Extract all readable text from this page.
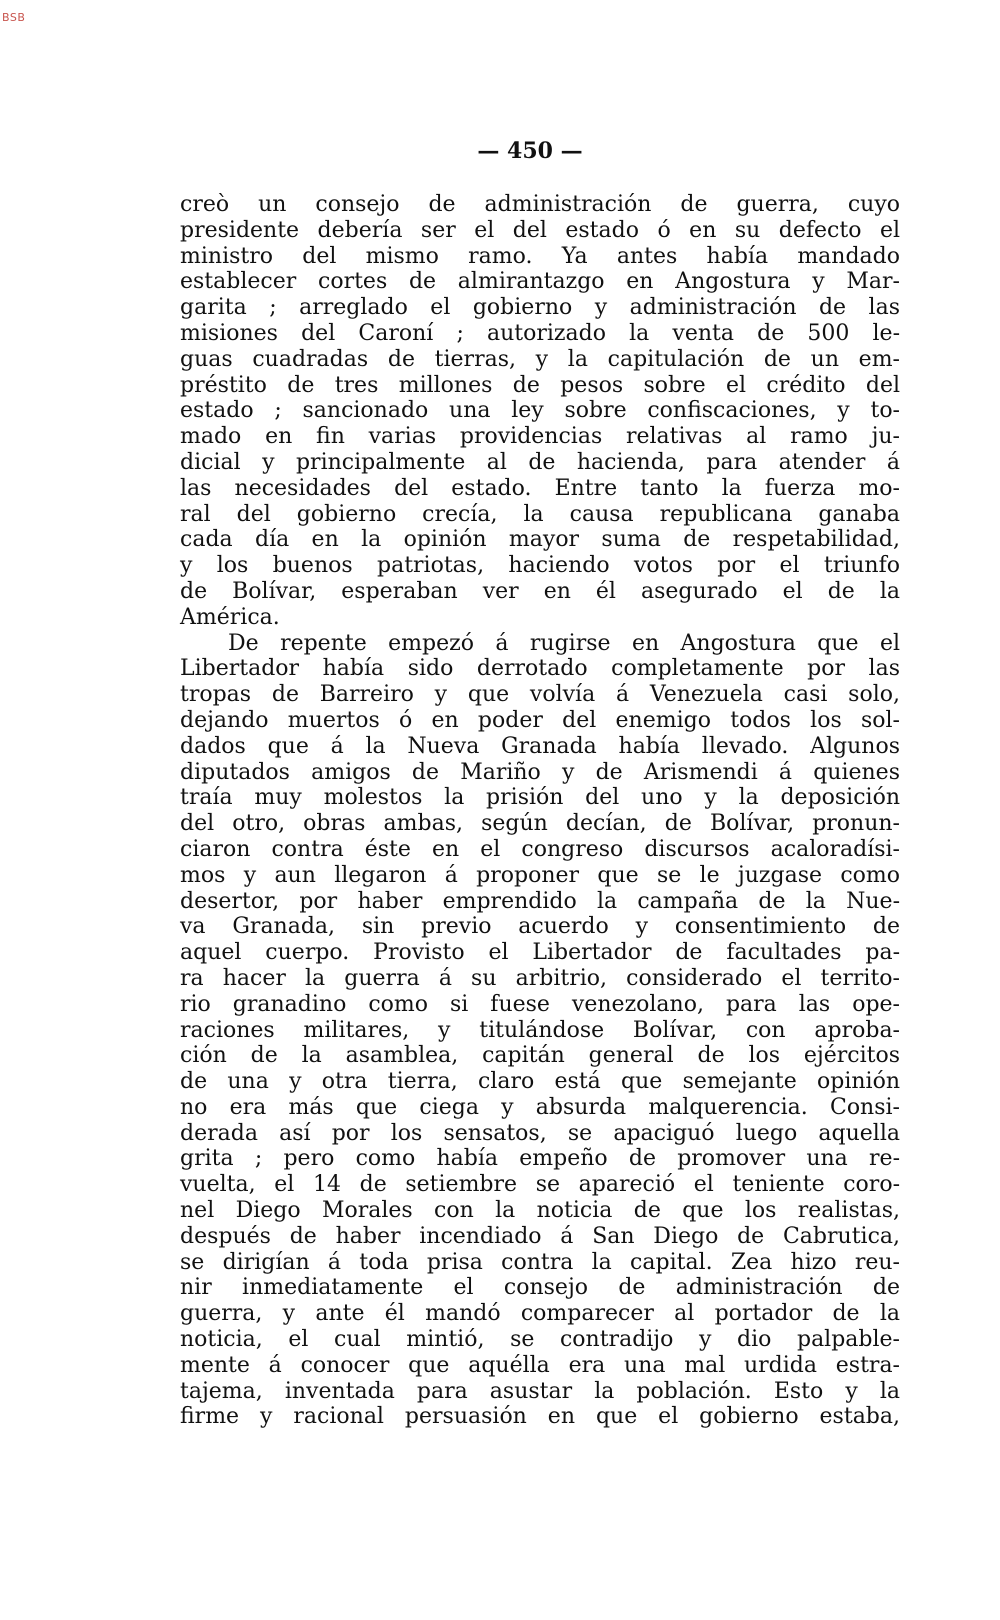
BSB
— 450 —
creò un consejo de administración de guerra, cuyo
presidente debería ser el del estado ó en su defecto el
ministro del mismo ramo. Ya antes había mandado
establecer cortes de almirantazgo en Angostura y Mar-
garita ; arreglado el gobierno y administración de las
misiones del Caroní ; autorizado la venta de 500 le-
guas cuadradas de tierras, y la capitulación de un em-
préstito de tres millones de pesos sobre el crédito del
estado ; sancionado una ley sobre confiscaciones, y to-
mado en fin varias providencias relativas al ramo ju-
dicial y principalmente al de hacienda, para atender á
las necesidades del estado. Entre tanto la fuerza mo-
ral del gobierno crecía, la causa republicana ganaba
cada día en la opinión mayor suma de respetabilidad,
y los buenos patriotas, haciendo votos por el triunfo
de Bolívar, esperaban ver en él asegurado el de la
América.
De repente empezó á rugirse en Angostura que el
Libertador había sido derrotado completamente por las
tropas de Barreiro y que volvía á Venezuela casi solo,
dejando muertos ó en poder del enemigo todos los sol-
dados que á la Nueva Granada había llevado. Algunos
diputados amigos de Mariño y de Arismendi á quienes
traía muy molestos la prisión del uno y la deposición
del otro, obras ambas, según decían, de Bolívar, pronun-
ciaron contra éste en el congreso discursos acaloradísi-
mos y aun llegaron á proponer que se le juzgase como
desertor, por haber emprendido la campaña de la Nue-
va Granada, sin previo acuerdo y consentimiento de
aquel cuerpo. Provisto el Libertador de facultades pa-
ra hacer la guerra á su arbitrio, considerado el territo-
rio granadino como si fuese venezolano, para las ope-
raciones militares, y titulándose Bolívar, con aproba-
ción de la asamblea, capitán general de los ejércitos
de una y otra tierra, claro está que semejante opinión
no era más que ciega y absurda malquerencia. Consi-
derada así por los sensatos, se apaciguó luego aquella
grita ; pero como había empeño de promover una re-
vuelta, el 14 de setiembre se apareció el teniente coro-
nel Diego Morales con la noticia de que los realistas,
después de haber incendiado á San Diego de Cabrutica,
se dirigían á toda prisa contra la capital. Zea hizo reu-
nir inmediatamente el consejo de administración de
guerra, y ante él mandó comparecer al portador de la
noticia, el cual mintió, se contradijo y dio palpable-
mente á conocer que aquélla era una mal urdida estra-
tajema, inventada para asustar la población. Esto y la
firme y racional persuasión en que el gobierno estaba,
